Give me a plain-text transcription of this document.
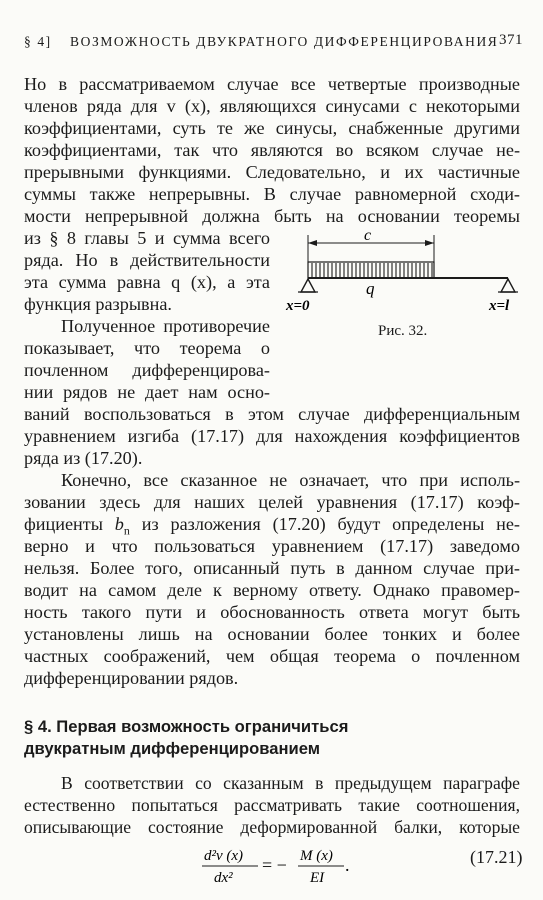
§ 4] ВОЗМОЖНОСТЬ ДВУКРАТНОГО ДИФФЕРЕНЦИРОВАНИЯ 371
Но в рассматриваемом случае все четвертые производные
членов ряда для v (x), являющихся синусами с некоторыми
коэффициентами, суть те же синусы, снабженные другими
коэффициентами, так что являются во всяком случае не-
прерывными функциями. Следовательно, и их частичные
суммы также непрерывны. В случае равномерной сходи-
мости непрерывной должна быть на основании теоремы
из § 8 главы 5 и сумма всего
ряда. Но в действительности
эта сумма равна q (x), а эта
функция разрывна.
Полученное противоречие
показывает, что теорема о
почленном дифференцирова-
нии рядов не дает нам осно-
ваний воспользоваться в этом случае дифференциальным
уравнением изгиба (17.17) для нахождения коэффициентов
ряда из (17.20).
Конечно, все сказанное не означает, что при исполь-
зовании здесь для наших целей уравнения (17.17) коэф-
фициенты $b_n$ из разложения (17.20) будут определены не-
верно и что пользоваться уравнением (17.17) заведомо
нельзя. Более того, описанный путь в данном случае при-
водит на самом деле к верному ответу. Однако правомер-
ность такого пути и обоснованность ответа могут быть
установлены лишь на основании более тонких и более
частных соображений, чем общая теорема о почленном
дифференцировании рядов.
§ 4. Первая возможность ограничиться
двукратным дифференцированием
В соответствии со сказанным в предыдущем параграфе
естественно попытаться рассматривать такие соотношения,
описывающие состояние деформированной балки, которые
c
q
x=0	x=l
Рис. 32.
d²v (x)
dx²
= − M (x)
EI
.	(17.21)
